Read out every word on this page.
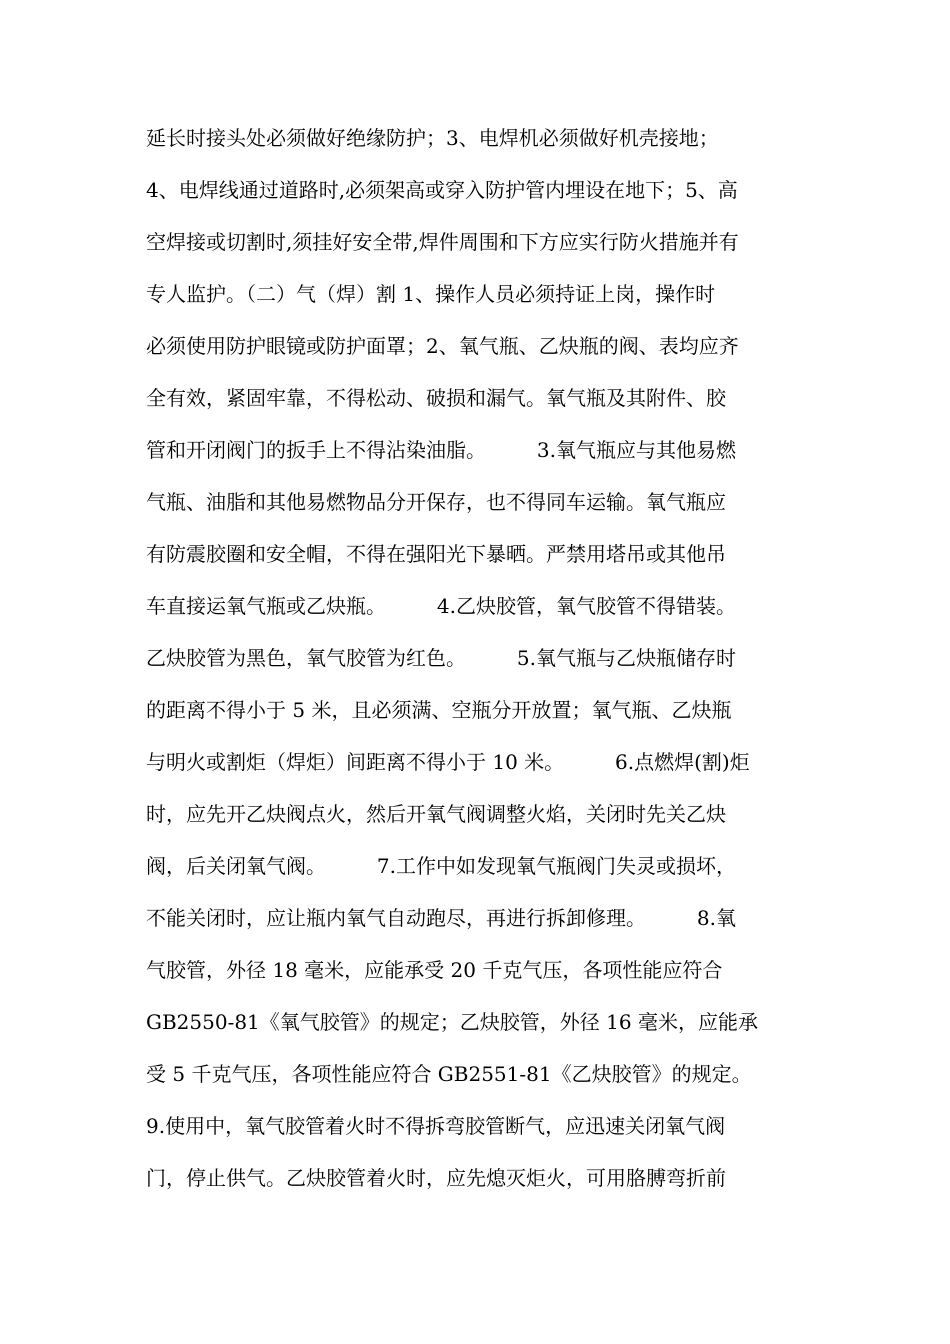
延长时接头处必须做好绝缘防护；3、电焊机必须做好机壳接地；
4、电焊线通过道路时,必须架高或穿入防护管内埋设在地下；5、高
空焊接或切割时,须挂好安全带,焊件周围和下方应实行防火措施并有
专人监护。（二）气（焊）割 1、操作人员必须持证上岗，操作时
必须使用防护眼镜或防护面罩；2、氧气瓶、乙炔瓶的阀、表均应齐
全有效，紧固牢靠，不得松动、破损和漏气。氧气瓶及其附件、胶
管和开闭阀门的扳手上不得沾染油脂。        3.氧气瓶应与其他易燃
气瓶、油脂和其他易燃物品分开保存，也不得同车运输。氧气瓶应
有防震胶圈和安全帽，不得在强阳光下暴晒。严禁用塔吊或其他吊
车直接运氧气瓶或乙炔瓶。        4.乙炔胶管，氧气胶管不得错装。
乙炔胶管为黑色，氧气胶管为红色。        5.氧气瓶与乙炔瓶储存时
的距离不得小于 5 米，且必须满、空瓶分开放置；氧气瓶、乙炔瓶
与明火或割炬（焊炬）间距离不得小于 10 米。        6.点燃焊(割)炬
时，应先开乙炔阀点火，然后开氧气阀调整火焰，关闭时先关乙炔
阀，后关闭氧气阀。        7.工作中如发现氧气瓶阀门失灵或损坏，
不能关闭时，应让瓶内氧气自动跑尽，再进行拆卸修理。        8.氧
气胶管，外径 18 毫米，应能承受 20 千克气压，各项性能应符合
GB2550-81《氧气胶管》的规定；乙炔胶管，外径 16 毫米，应能承
受 5 千克气压，各项性能应符合 GB2551-81《乙炔胶管》的规定。
9.使用中，氧气胶管着火时不得拆弯胶管断气，应迅速关闭氧气阀
门，停止供气。乙炔胶管着火时，应先熄灭炬火，可用胳膊弯折前
